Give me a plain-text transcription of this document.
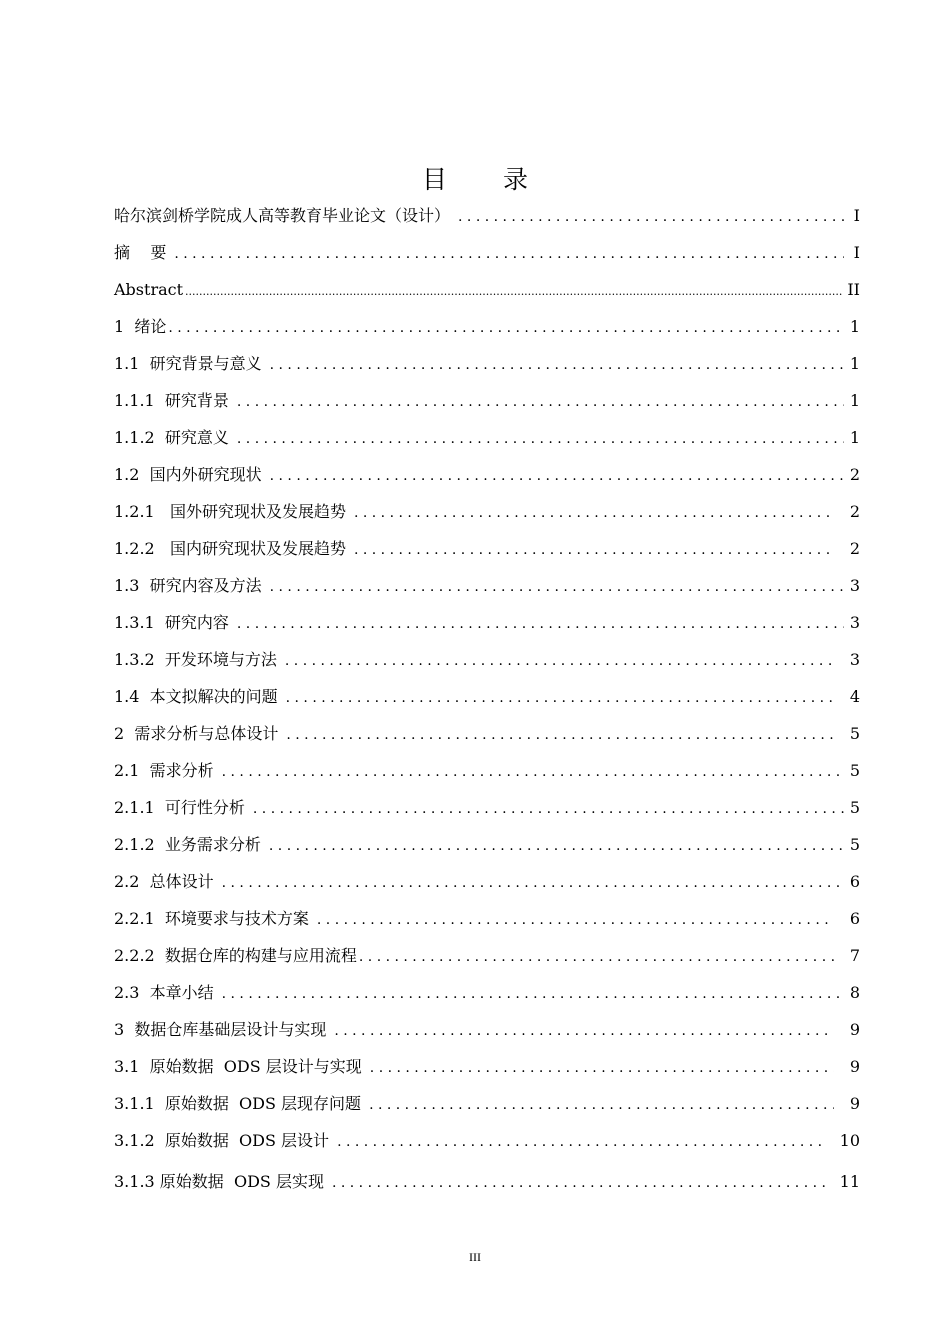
目 录
哈尔滨剑桥学院成人高等教育毕业论文（设计） . . .	I
摘    要 . . .	I
Abstract .....	II
1  绪论 . . .	1
1.1  研究背景与意义 . . .	1
1.1.1  研究背景 . . .	1
1.1.2  研究意义 . . .	1
1.2  国内外研究现状 . . .	2
1.2.1   国外研究现状及发展趋势 . . .	2
1.2.2   国内研究现状及发展趋势 . . .	2
1.3  研究内容及方法 . . .	3
1.3.1  研究内容 . . .	3
1.3.2  开发环境与方法 . . .	3
1.4  本文拟解决的问题 . . .	4
2  需求分析与总体设计 . . .	5
2.1  需求分析 . . .	5
2.1.1  可行性分析 . . .	5
2.1.2  业务需求分析 . . .	5
2.2  总体设计 . . .	6
2.2.1  环境要求与技术方案 . . .	6
2.2.2  数据仓库的构建与应用流程 . . .	7
2.3  本章小结 . . .	8
3  数据仓库基础层设计与实现 . . .	9
3.1  原始数据  ODS 层设计与实现 . . .	9
3.1.1  原始数据  ODS 层现存问题 . . .	9
3.1.2  原始数据  ODS 层设计 . . .	10
3.1.3 原始数据  ODS 层实现 . . .	11
III
